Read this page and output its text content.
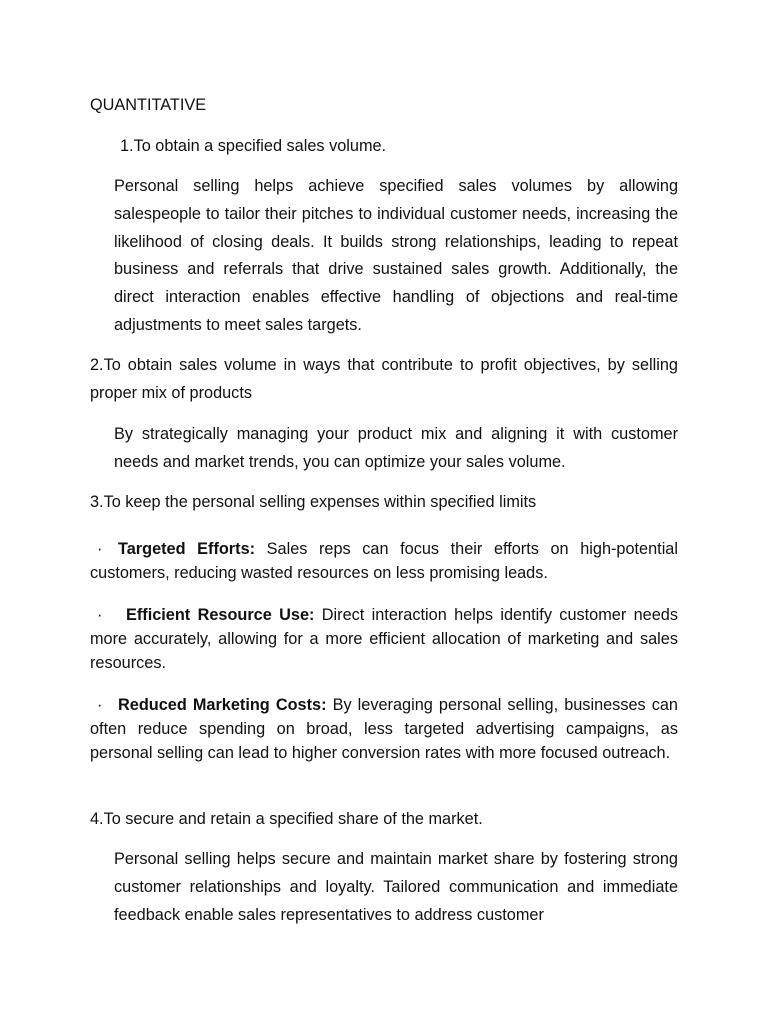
QUANTITATIVE

1.To obtain a specified sales volume.

Personal selling helps achieve specified sales volumes by allowing salespeople to tailor their pitches to individual customer needs, increasing the likelihood of closing deals. It builds strong relationships, leading to repeat business and referrals that drive sustained sales growth. Additionally, the direct interaction enables effective handling of objections and real-time adjustments to meet sales targets.

2.To obtain sales volume in ways that contribute to profit objectives, by selling proper mix of products

By strategically managing your product mix and aligning it with customer needs and market trends, you can optimize your sales volume.

3.To keep the personal selling expenses within specified limits

· Targeted Efforts: Sales reps can focus their efforts on high-potential customers, reducing wasted resources on less promising leads.

· Efficient Resource Use: Direct interaction helps identify customer needs more accurately, allowing for a more efficient allocation of marketing and sales resources.

· Reduced Marketing Costs: By leveraging personal selling, businesses can often reduce spending on broad, less targeted advertising campaigns, as personal selling can lead to higher conversion rates with more focused outreach.

4.To secure and retain a specified share of the market.

Personal selling helps secure and maintain market share by fostering strong customer relationships and loyalty. Tailored communication and immediate feedback enable sales representatives to address customer
